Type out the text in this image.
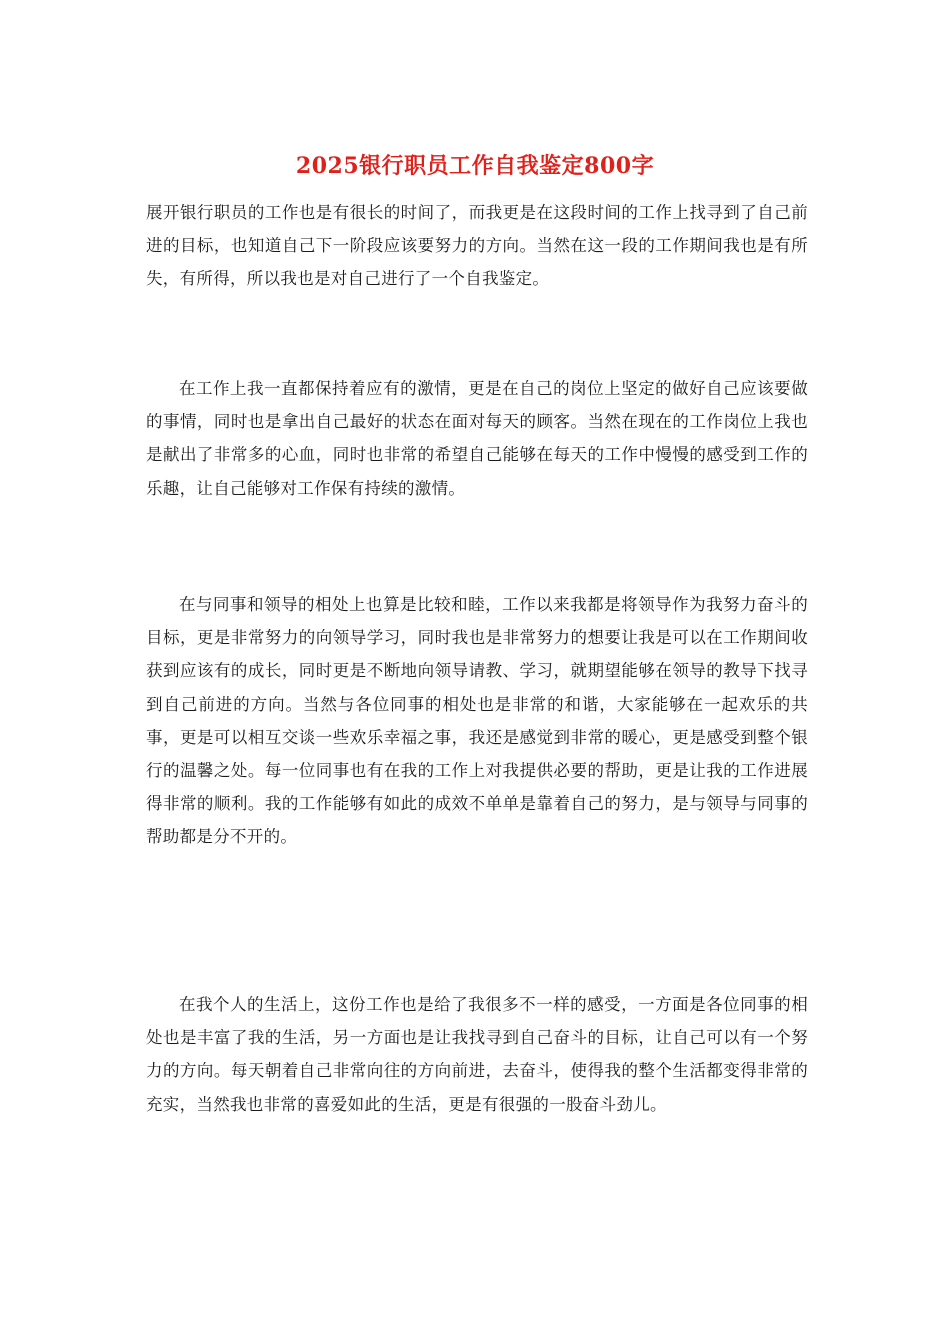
2025银行职员工作自我鉴定800字

展开银行职员的工作也是有很长的时间了，而我更是在这段时间的工作上找寻到了自己前进的目标，也知道自己下一阶段应该要努力的方向。当然在这一段的工作期间我也是有所失，有所得，所以我也是对自己进行了一个自我鉴定。

在工作上我一直都保持着应有的激情，更是在自己的岗位上坚定的做好自己应该要做的事情，同时也是拿出自己最好的状态在面对每天的顾客。当然在现在的工作岗位上我也是献出了非常多的心血，同时也非常的希望自己能够在每天的工作中慢慢的感受到工作的乐趣，让自己能够对工作保有持续的激情。

在与同事和领导的相处上也算是比较和睦，工作以来我都是将领导作为我努力奋斗的目标，更是非常努力的向领导学习，同时我也是非常努力的想要让我是可以在工作期间收获到应该有的成长，同时更是不断地向领导请教、学习，就期望能够在领导的教导下找寻到自己前进的方向。当然与各位同事的相处也是非常的和谐，大家能够在一起欢乐的共事，更是可以相互交谈一些欢乐幸福之事，我还是感觉到非常的暖心，更是感受到整个银行的温馨之处。每一位同事也有在我的工作上对我提供必要的帮助，更是让我的工作进展得非常的顺利。我的工作能够有如此的成效不单单是靠着自己的努力，是与领导与同事的帮助都是分不开的。

在我个人的生活上，这份工作也是给了我很多不一样的感受，一方面是各位同事的相处也是丰富了我的生活，另一方面也是让我找寻到自己奋斗的目标，让自己可以有一个努力的方向。每天朝着自己非常向往的方向前进，去奋斗，使得我的整个生活都变得非常的充实，当然我也非常的喜爱如此的生活，更是有很强的一股奋斗劲儿。
